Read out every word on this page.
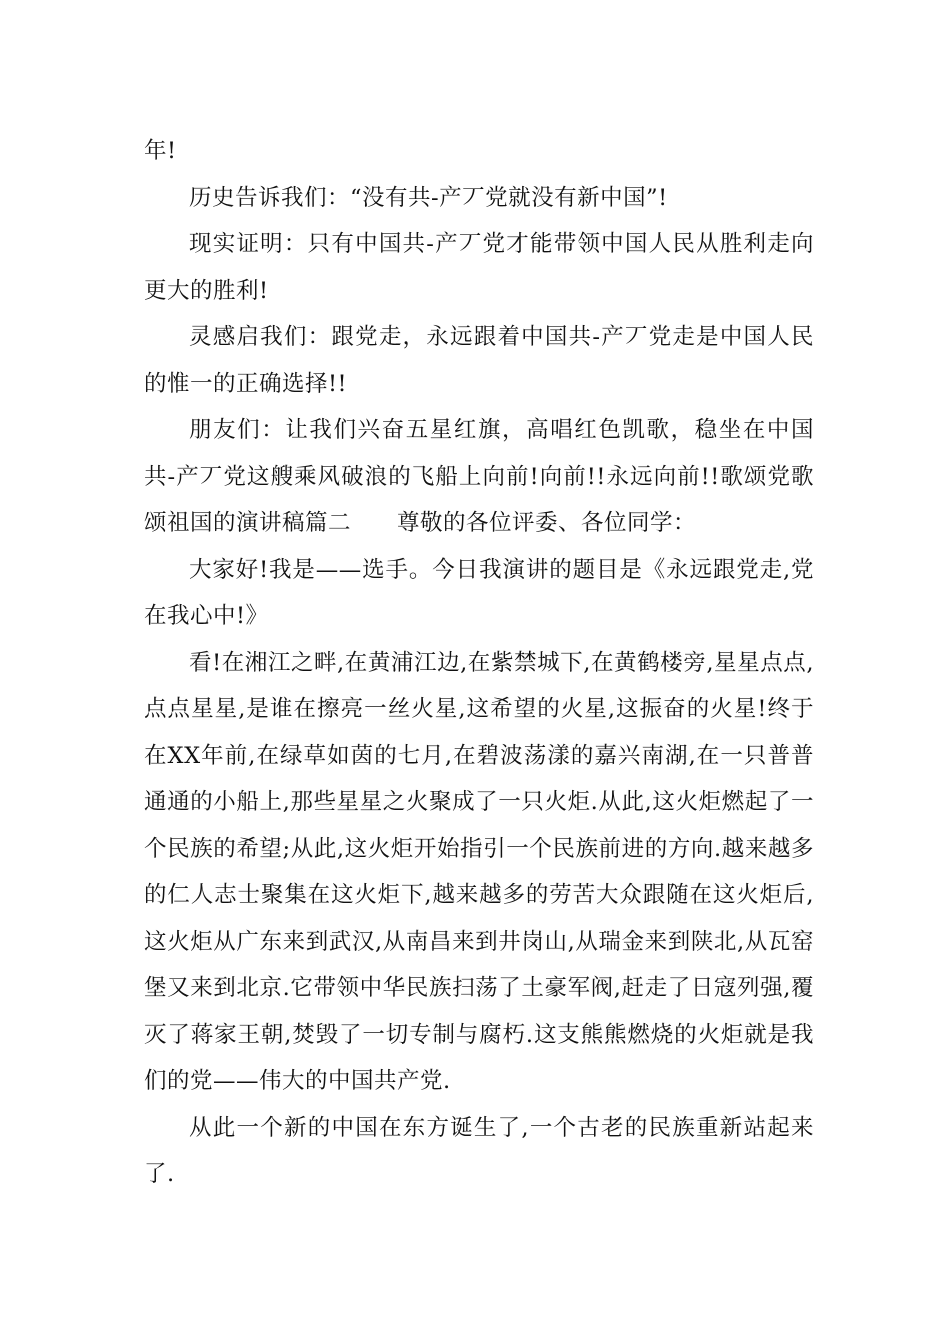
年!

历史告诉我们：“没有共-产丆党就没有新中国”!

现实证明：只有中国共-产丆党才能带领中国人民从胜利走向更大的胜利!

灵感启我们：跟党走，永远跟着中国共-产丆党走是中国人民的惟一的正确选择!!

朋友们：让我们兴奋五星红旗，高唱红色凯歌，稳坐在中国共-产丆党这艘乘风破浪的飞船上向前!向前!!永远向前!!歌颂党歌颂祖国的演讲稿篇二　　尊敬的各位评委、各位同学：

大家好!我是——选手。今日我演讲的题目是《永远跟党走,党在我心中!》

看!在湘江之畔,在黄浦江边,在紫禁城下,在黄鹤楼旁,星星点点,点点星星,是谁在擦亮一丝火星,这希望的火星,这振奋的火星!终于在XX年前,在绿草如茵的七月,在碧波荡漾的嘉兴南湖,在一只普普通通的小船上,那些星星之火聚成了一只火炬.从此,这火炬燃起了一个民族的希望;从此,这火炬开始指引一个民族前进的方向.越来越多的仁人志士聚集在这火炬下,越来越多的劳苦大众跟随在这火炬后,这火炬从广东来到武汉,从南昌来到井岗山,从瑞金来到陕北,从瓦窑堡又来到北京.它带领中华民族扫荡了土豪军阀,赶走了日寇列强,覆灭了蒋家王朝,焚毁了一切专制与腐朽.这支熊熊燃烧的火炬就是我们的党——伟大的中国共产党.

从此一个新的中国在东方诞生了,一个古老的民族重新站起来了.
